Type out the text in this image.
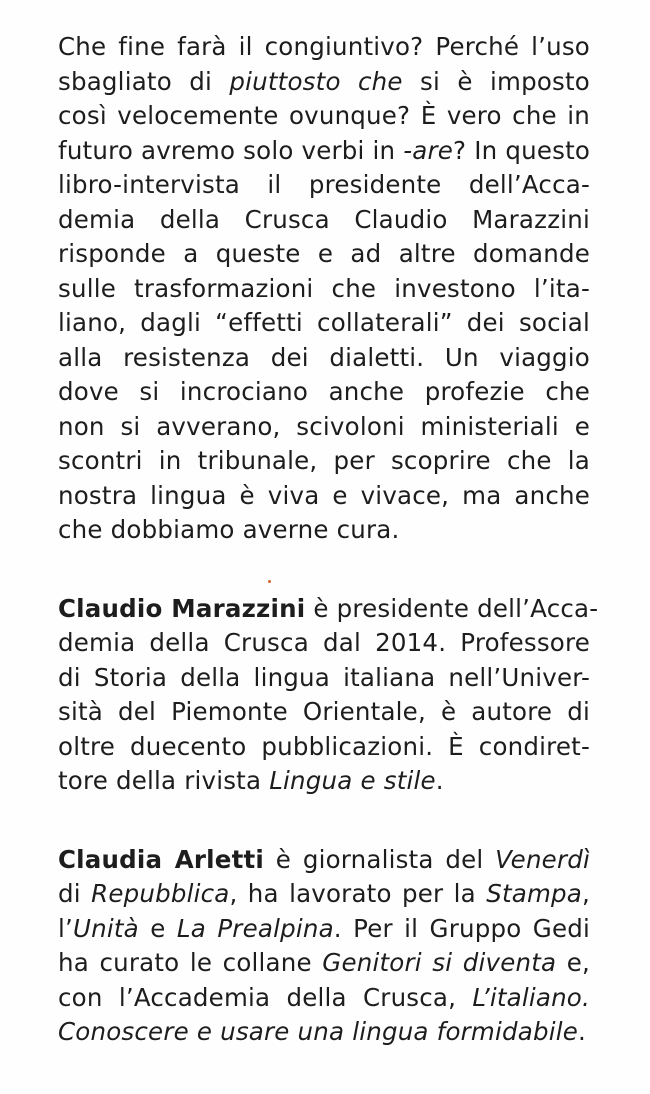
Che fine farà il congiuntivo? Perché l’uso
sbagliato di piuttosto che si è imposto
così velocemente ovunque? È vero che in
futuro avremo solo verbi in -are? In questo
libro-intervista il presidente dell’Acca-
demia della Crusca Claudio Marazzini
risponde a queste e ad altre domande
sulle trasformazioni che investono l’ita-
liano, dagli “effetti collaterali” dei social
alla resistenza dei dialetti. Un viaggio
dove si incrociano anche profezie che
non si avverano, scivoloni ministeriali e
scontri in tribunale, per scoprire che la
nostra lingua è viva e vivace, ma anche
che dobbiamo averne cura.
Claudio Marazzini è presidente dell’Acca-
demia della Crusca dal 2014. Professore
di Storia della lingua italiana nell’Univer-
sità del Piemonte Orientale, è autore di
oltre duecento pubblicazioni. È condiret-
tore della rivista Lingua e stile.
Claudia Arletti è giornalista del Venerdì
di Repubblica, ha lavorato per la Stampa,
l’Unità e La Prealpina. Per il Gruppo Gedi
ha curato le collane Genitori si diventa e,
con l’Accademia della Crusca, L’italiano.
Conoscere e usare una lingua formidabile.
